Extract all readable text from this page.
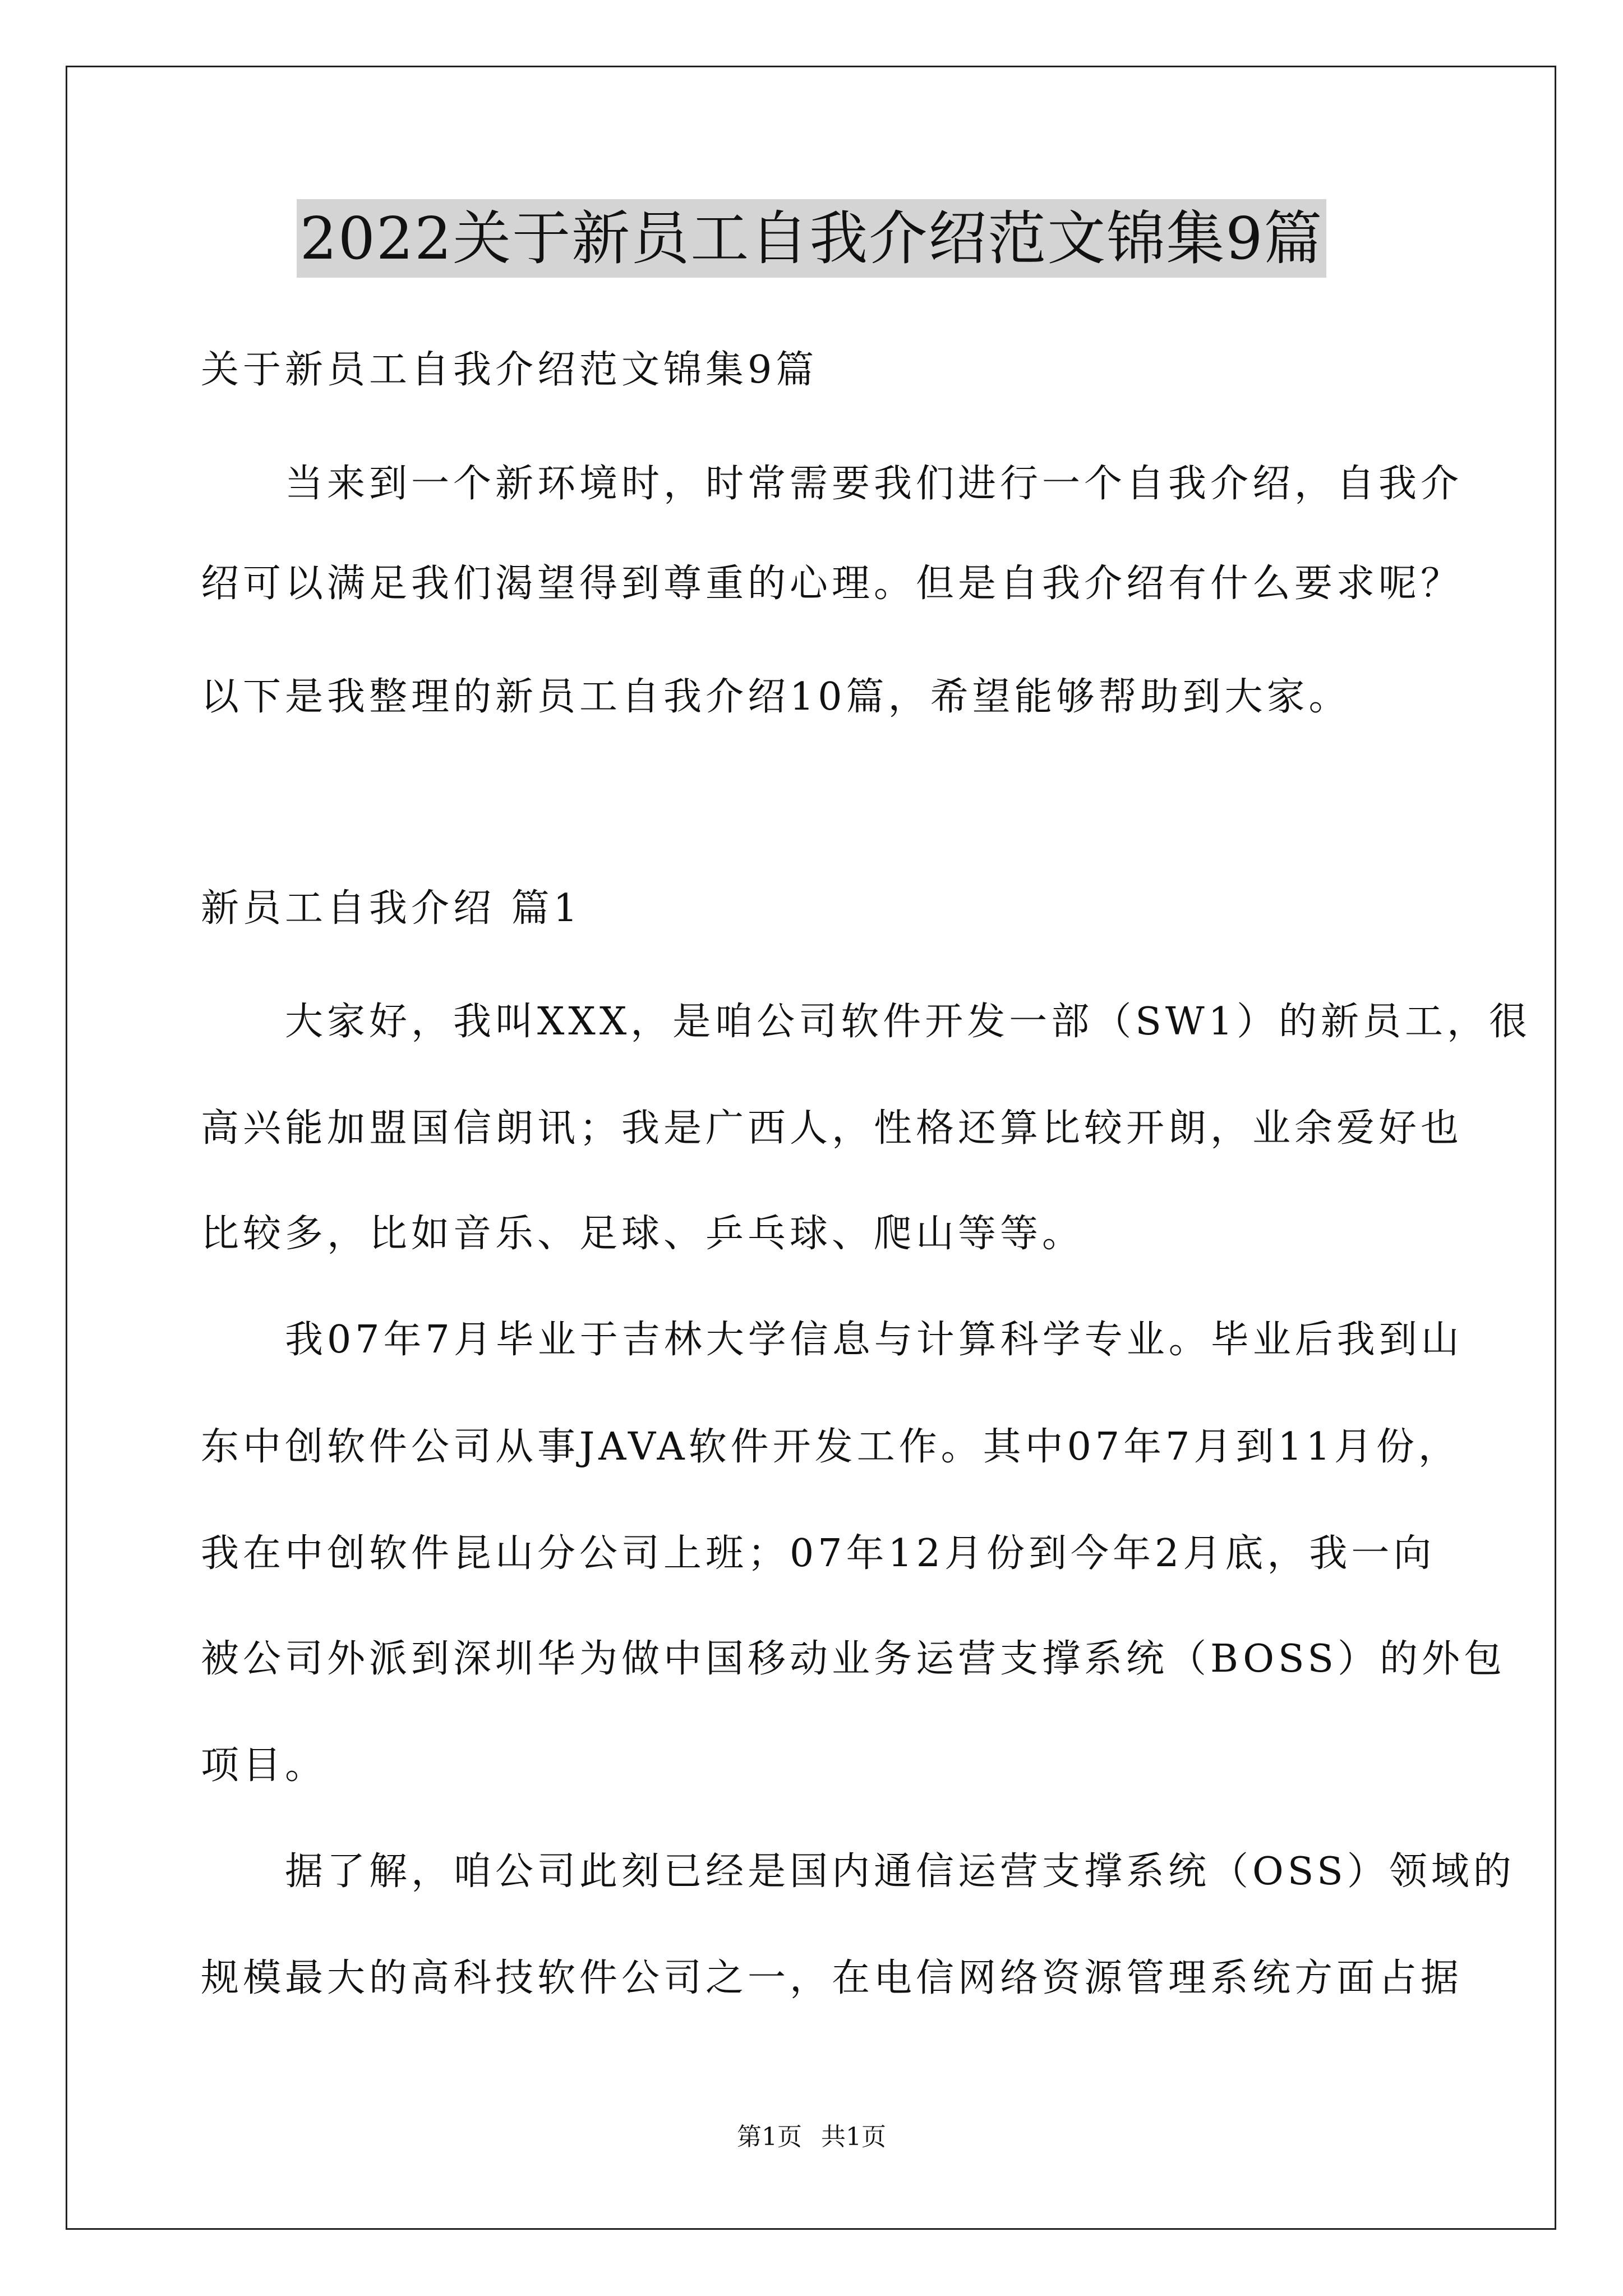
2022关于新员工自我介绍范文锦集9篇
关于新员工自我介绍范文锦集9篇
　　当来到一个新环境时，时常需要我们进行一个自我介绍，自我介
绍可以满足我们渴望得到尊重的心理。但是自我介绍有什么要求呢？
以下是我整理的新员工自我介绍10篇，希望能够帮助到大家。
新员工自我介绍 篇1
　　大家好，我叫XXX，是咱公司软件开发一部（SW1）的新员工，很
高兴能加盟国信朗讯；我是广西人，性格还算比较开朗，业余爱好也
比较多，比如音乐、足球、乒乓球、爬山等等。
　　我07年7月毕业于吉林大学信息与计算科学专业。毕业后我到山
东中创软件公司从事JAVA软件开发工作。其中07年7月到11月份，
我在中创软件昆山分公司上班；07年12月份到今年2月底，我一向
被公司外派到深圳华为做中国移动业务运营支撑系统（BOSS）的外包
项目。
　　据了解，咱公司此刻已经是国内通信运营支撑系统（OSS）领域的
规模最大的高科技软件公司之一，在电信网络资源管理系统方面占据
第1页 共1页
